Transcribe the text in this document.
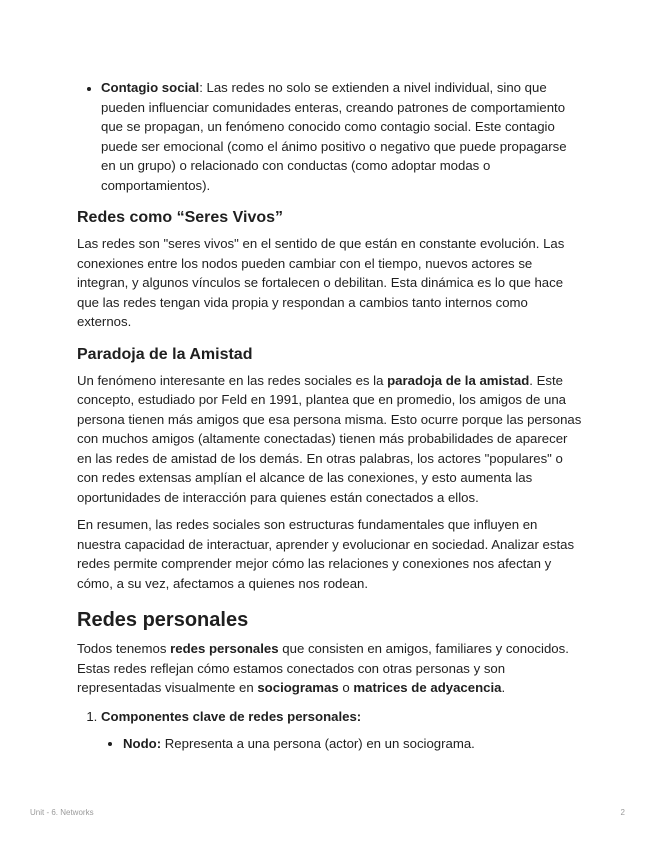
• Contagio social: Las redes no solo se extienden a nivel individual, sino que pueden influenciar comunidades enteras, creando patrones de comportamiento que se propagan, un fenómeno conocido como contagio social. Este contagio puede ser emocional (como el ánimo positivo o negativo que puede propagarse en un grupo) o relacionado con conductas (como adoptar modas o comportamientos).
Redes como “Seres Vivos”

Las redes son "seres vivos" en el sentido de que están en constante evolución. Las conexiones entre los nodos pueden cambiar con el tiempo, nuevos actores se integran, y algunos vínculos se fortalecen o debilitan. Esta dinámica es lo que hace que las redes tengan vida propia y respondan a cambios tanto internos como externos.

Paradoja de la Amistad

Un fenómeno interesante en las redes sociales es la paradoja de la amistad. Este concepto, estudiado por Feld en 1991, plantea que en promedio, los amigos de una persona tienen más amigos que esa persona misma. Esto ocurre porque las personas con muchos amigos (altamente conectadas) tienen más probabilidades de aparecer en las redes de amistad de los demás. En otras palabras, los actores "populares" o con redes extensas amplían el alcance de las conexiones, y esto aumenta las oportunidades de interacción para quienes están conectados a ellos.

En resumen, las redes sociales son estructuras fundamentales que influyen en nuestra capacidad de interactuar, aprender y evolucionar en sociedad. Analizar estas redes permite comprender mejor cómo las relaciones y conexiones nos afectan y cómo, a su vez, afectamos a quienes nos rodean.

Redes personales

Todos tenemos redes personales que consisten en amigos, familiares y conocidos. Estas redes reflejan cómo estamos conectados con otras personas y son representadas visualmente en sociogramas o matrices de adyacencia.

1. Componentes clave de redes personales:
• Nodo: Representa a una persona (actor) en un sociograma.
Unit - 6. Networks	2
